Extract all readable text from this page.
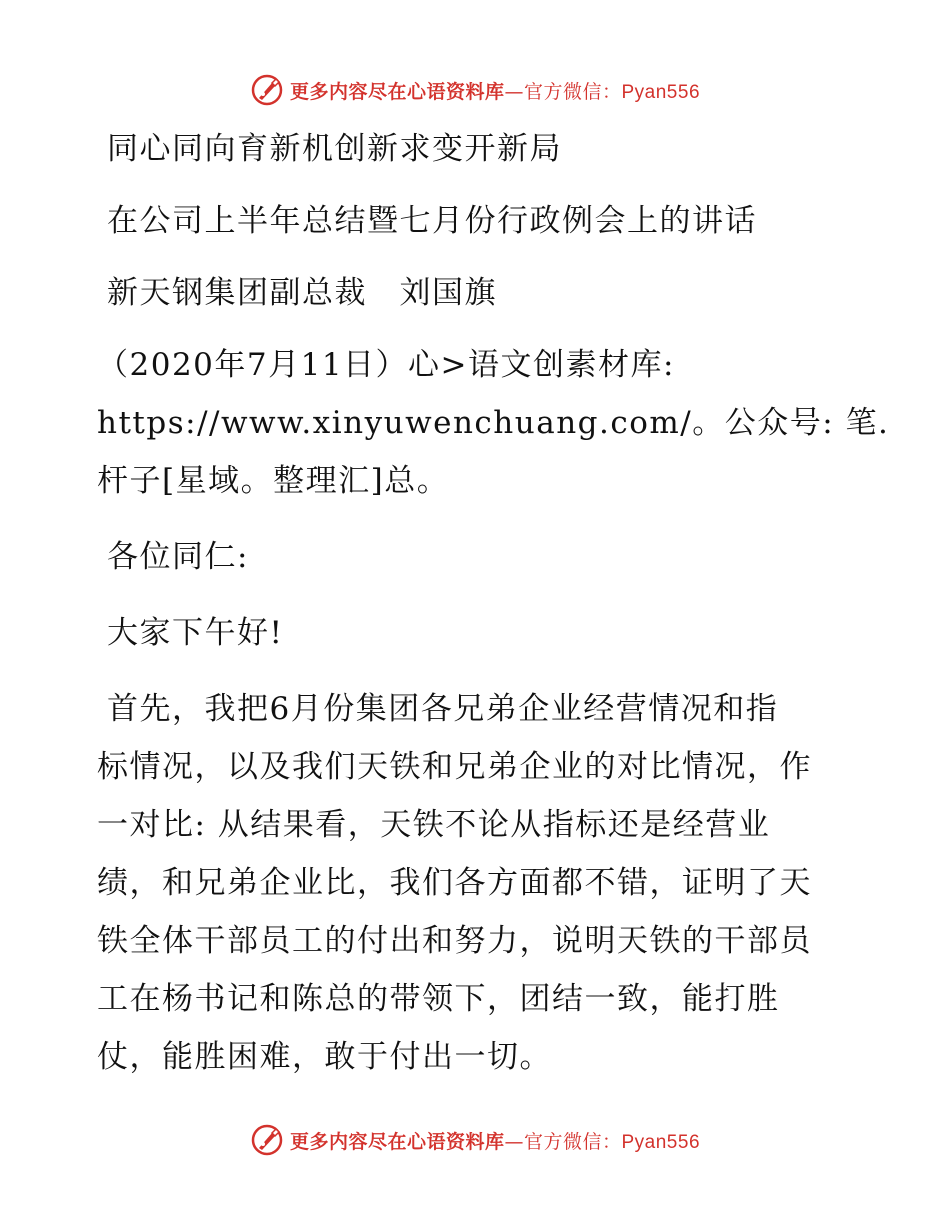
更多内容尽在心语资料库—官方微信：Pyan556
同心同向育新机创新求变开新局
在公司上半年总结暨七月份行政例会上的讲话
新天钢集团副总裁　刘国旗
（2020年7月11日）心>语文创素材库:
https://www.xinyuwenchuang.com/。公众号: 笔.
杆子[星域。整理汇]总。
各位同仁:
大家下午好!
首先，我把6月份集团各兄弟企业经营情况和指
标情况，以及我们天铁和兄弟企业的对比情况，作
一对比: 从结果看，天铁不论从指标还是经营业
绩，和兄弟企业比，我们各方面都不错，证明了天
铁全体干部员工的付出和努力，说明天铁的干部员
工在杨书记和陈总的带领下，团结一致，能打胜
仗，能胜困难，敢于付出一切。
更多内容尽在心语资料库—官方微信：Pyan556
